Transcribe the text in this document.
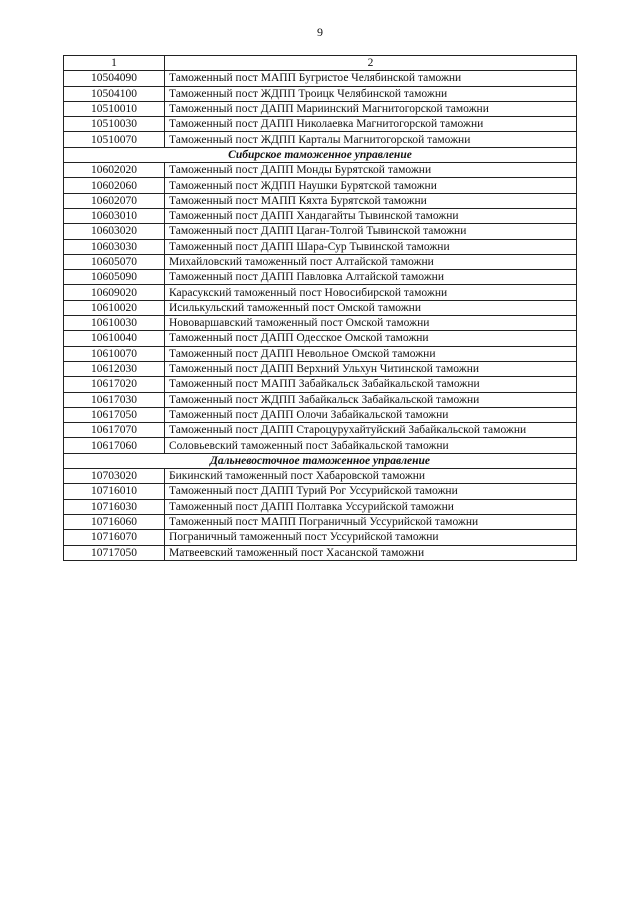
9
1	2
10504090	Таможенный пост МАПП Бугристое Челябинской таможни
10504100	Таможенный пост ЖДПП Троицк Челябинской таможни
10510010	Таможенный пост ДАПП Мариинский Магнитогорской таможни
10510030	Таможенный пост ДАПП Николаевка Магнитогорской таможни
10510070	Таможенный пост ЖДПП Карталы Магнитогорской таможни
Сибирское таможенное управление	
10602020	Таможенный пост ДАПП Монды Бурятской таможни
10602060	Таможенный пост ЖДПП Наушки Бурятской таможни
10602070	Таможенный пост МАПП Кяхта Бурятской таможни
10603010	Таможенный пост ДАПП Хандагайты Тывинской таможни
10603020	Таможенный пост ДАПП Цаган-Толгой Тывинской таможни
10603030	Таможенный пост ДАПП Шара-Сур Тывинской таможни
10605070	Михайловский таможенный пост Алтайской таможни
10605090	Таможенный пост ДАПП Павловка Алтайской таможни
10609020	Карасукский таможенный пост Новосибирской таможни
10610020	Исилькульский таможенный пост Омской таможни
10610030	Нововаршавский таможенный пост Омской таможни
10610040	Таможенный пост ДАПП Одесское Омской таможни
10610070	Таможенный пост ДАПП Невольное Омской таможни
10612030	Таможенный пост ДАПП Верхний Ульхун Читинской таможни
10617020	Таможенный пост МАПП Забайкальск Забайкальской таможни
10617030	Таможенный пост ЖДПП Забайкальск Забайкальской таможни
10617050	Таможенный пост ДАПП Олочи Забайкальской таможни
10617070	Таможенный пост ДАПП Староцурухайтуйский Забайкальской таможни
10617060	Соловьевский таможенный пост Забайкальской таможни
Дальневосточное таможенное управление	
10703020	Бикинский таможенный пост Хабаровской таможни
10716010	Таможенный пост ДАПП Турий Рог Уссурийской таможни
10716030	Таможенный пост ДАПП Полтавка Уссурийской таможни
10716060	Таможенный пост МАПП Пограничный Уссурийской таможни
10716070	Пограничный таможенный пост Уссурийской таможни
10717050	Матвеевский таможенный пост Хасанской таможни
